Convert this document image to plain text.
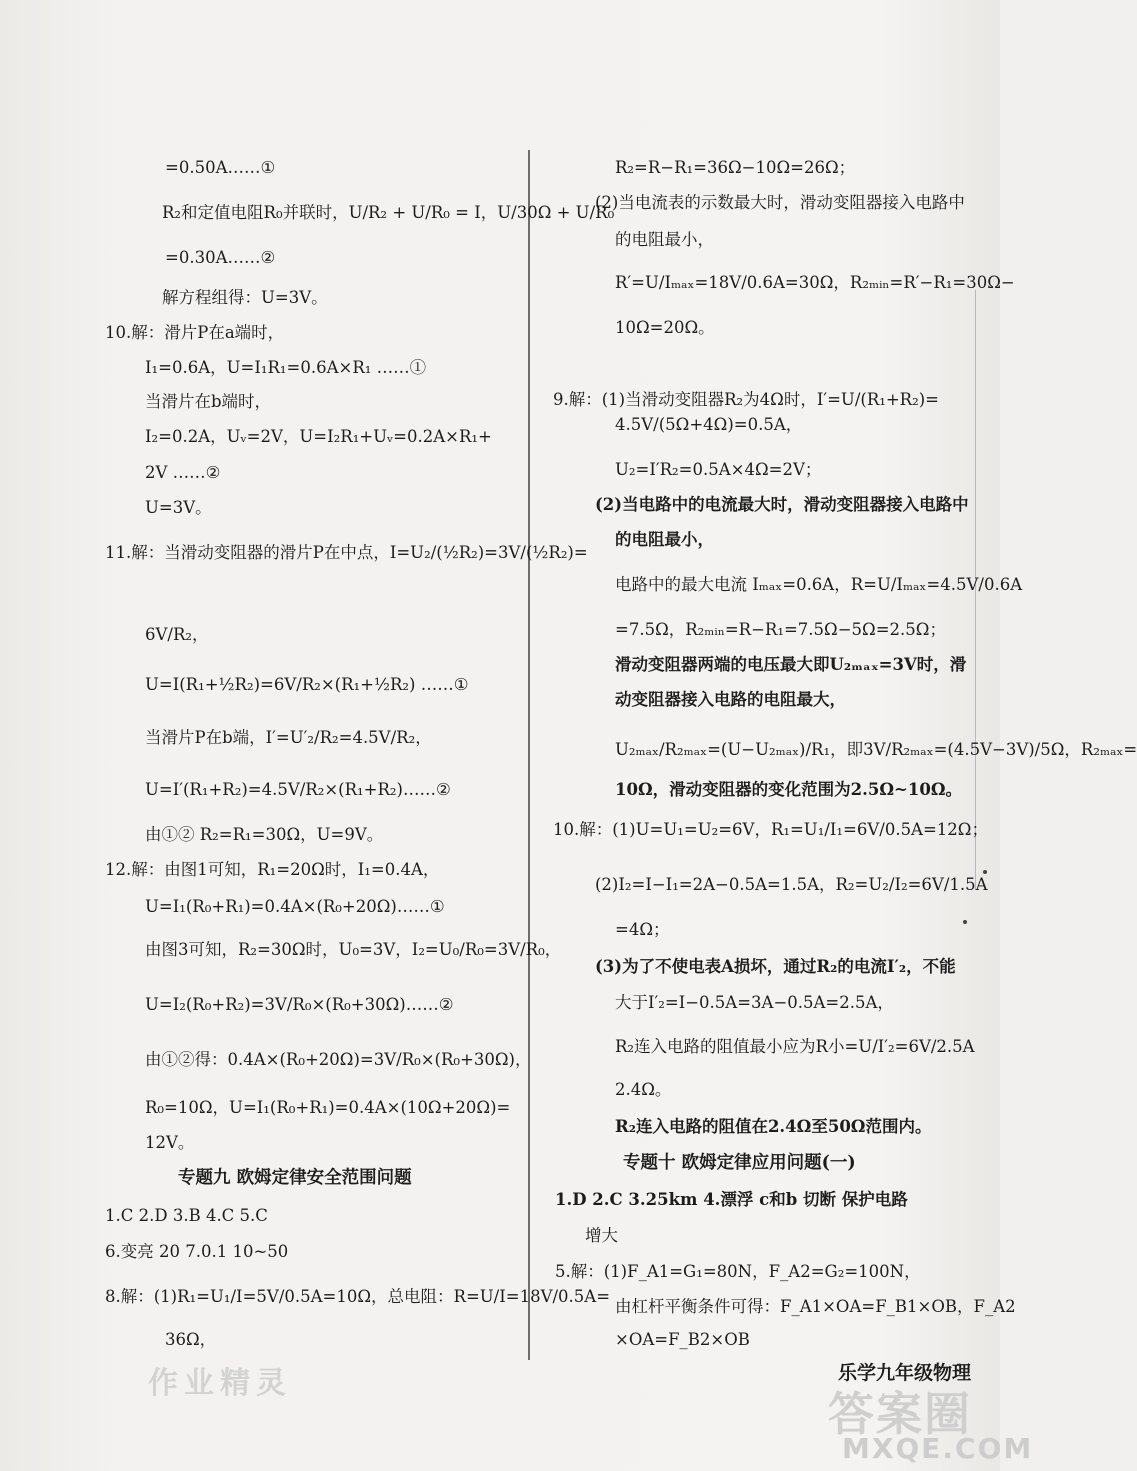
=0.50A……①
R₂和定值电阻R₀并联时，U/R₂ + U/R₀ = I，U/30Ω + U/R₀
=0.30A……②
解方程组得：U=3V。
10.解：滑片P在a端时，
I₁=0.6A，U=I₁R₁=0.6A×R₁ ……①
当滑片在b端时，
I₂=0.2A，Uᵥ=2V，U=I₂R₁+Uᵥ=0.2A×R₁+
2V ……②
U=3V。
11.解：当滑动变阻器的滑片P在中点，I=U₂/(½R₂)=3V/(½R₂)=
6V/R₂，
U=I(R₁+½R₂)=6V/R₂×(R₁+½R₂) ……①
当滑片P在b端，I′=U′₂/R₂=4.5V/R₂，
U=I′(R₁+R₂)=4.5V/R₂×(R₁+R₂)……②
由①② R₂=R₁=30Ω，U=9V。
12.解：由图1可知，R₁=20Ω时，I₁=0.4A，
U=I₁(R₀+R₁)=0.4A×(R₀+20Ω)……①
由图3可知，R₂=30Ω时，U₀=3V，I₂=U₀/R₀=3V/R₀，
U=I₂(R₀+R₂)=3V/R₀×(R₀+30Ω)……②
由①②得：0.4A×(R₀+20Ω)=3V/R₀×(R₀+30Ω)，
R₀=10Ω，U=I₁(R₀+R₁)=0.4A×(10Ω+20Ω)=
12V。
专题九 欧姆定律安全范围问题
1.C 2.D 3.B 4.C 5.C
6.变亮 20 7.0.1 10~50
8.解：(1)R₁=U₁/I=5V/0.5A=10Ω，总电阻：R=U/I=18V/0.5A=
36Ω，
R₂=R−R₁=36Ω−10Ω=26Ω；
(2)当电流表的示数最大时，滑动变阻器接入电路中
的电阻最小，
R′=U/Iₘₐₓ=18V/0.6A=30Ω，R₂ₘᵢₙ=R′−R₁=30Ω−
10Ω=20Ω。
9.解：(1)当滑动变阻器R₂为4Ω时，I′=U/(R₁+R₂)=
4.5V/(5Ω+4Ω)=0.5A，
U₂=I′R₂=0.5A×4Ω=2V；
(2)当电路中的电流最大时，滑动变阻器接入电路中
的电阻最小，
电路中的最大电流 Iₘₐₓ=0.6A，R=U/Iₘₐₓ=4.5V/0.6A
=7.5Ω，R₂ₘᵢₙ=R−R₁=7.5Ω−5Ω=2.5Ω；
滑动变阻器两端的电压最大即U₂ₘₐₓ=3V时，滑
动变阻器接入电路的电阻最大，
U₂ₘₐₓ/R₂ₘₐₓ=(U−U₂ₘₐₓ)/R₁，即3V/R₂ₘₐₓ=(4.5V−3V)/5Ω，R₂ₘₐₓ=
10Ω，滑动变阻器的变化范围为2.5Ω~10Ω。
10.解：(1)U=U₁=U₂=6V，R₁=U₁/I₁=6V/0.5A=12Ω；
(2)I₂=I−I₁=2A−0.5A=1.5A，R₂=U₂/I₂=6V/1.5A
=4Ω；
(3)为了不使电表A损坏，通过R₂的电流I′₂，不能
大于I′₂=I−0.5A=3A−0.5A=2.5A，
R₂连入电路的阻值最小应为R小=U/I′₂=6V/2.5A
2.4Ω。
R₂连入电路的阻值在2.4Ω至50Ω范围内。
专题十 欧姆定律应用问题(一)
1.D 2.C 3.25km 4.漂浮 c和b 切断 保护电路
增大
5.解：(1)F_A1=G₁=80N，F_A2=G₂=100N，
由杠杆平衡条件可得：F_A1×OA=F_B1×OB，F_A2
×OA=F_B2×OB
乐学九年级物理
作业精灵
答案圈
MXQE.COM
